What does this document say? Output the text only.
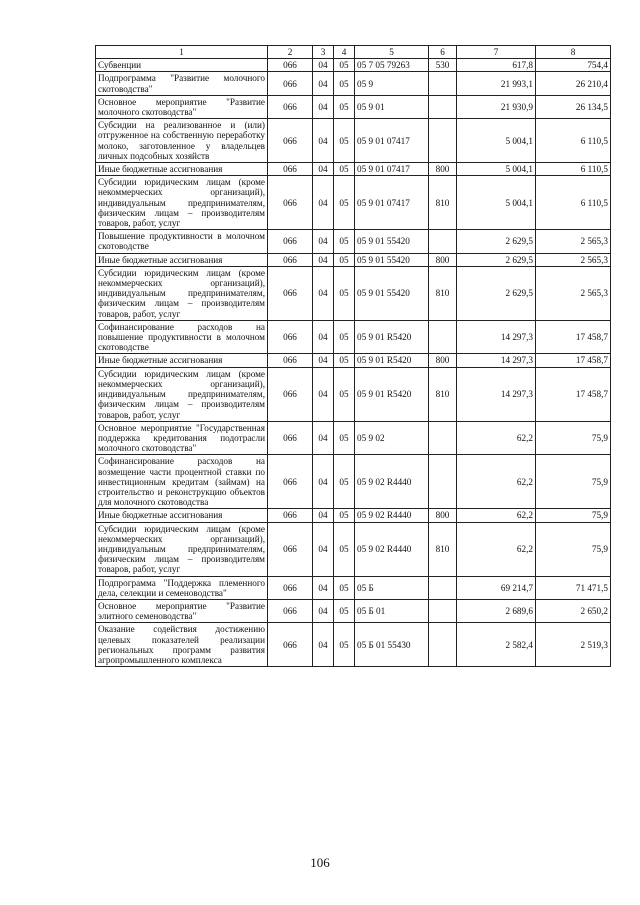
1	2	3	4	5	6	7	8
Субвенции	066	04	05	05 7 05 79263	530	617,8	754,4
Подпрограмма "Развитие молочного скотоводства"	066	04	05	05 9		21 993,1	26 210,4
Основное мероприятие "Развитие молочного скотоводства"	066	04	05	05 9 01		21 930,9	26 134,5
Субсидии на реализованное и (или) отгруженное на собственную переработку молоко, заготовленное у владельцев личных подсобных хозяйств	066	04	05	05 9 01 07417		5 004,1	6 110,5
Иные бюджетные ассигнования	066	04	05	05 9 01 07417	800	5 004,1	6 110,5
Субсидии юридическим лицам (кроме некоммерческих организаций), индивидуальным предпринимателям, физическим лицам – производителям товаров, работ, услуг	066	04	05	05 9 01 07417	810	5 004,1	6 110,5
Повышение продуктивности в молочном скотоводстве	066	04	05	05 9 01 55420		2 629,5	2 565,3
Иные бюджетные ассигнования	066	04	05	05 9 01 55420	800	2 629,5	2 565,3
Субсидии юридическим лицам (кроме некоммерческих организаций), индивидуальным предпринимателям, физическим лицам – производителям товаров, работ, услуг	066	04	05	05 9 01 55420	810	2 629,5	2 565,3
Софинансирование расходов на повышение продуктивности в молочном скотоводстве	066	04	05	05 9 01 R5420		14 297,3	17 458,7
Иные бюджетные ассигнования	066	04	05	05 9 01 R5420	800	14 297,3	17 458,7
Субсидии юридическим лицам (кроме некоммерческих организаций), индивидуальным предпринимателям, физическим лицам – производителям товаров, работ, услуг	066	04	05	05 9 01 R5420	810	14 297,3	17 458,7
Основное мероприятие "Государственная поддержка кредитования подотрасли молочного скотоводства"	066	04	05	05 9 02		62,2	75,9
Софинансирование расходов на возмещение части процентной ставки по инвестиционным кредитам (займам) на строительство и реконструкцию объектов для молочного скотоводства	066	04	05	05 9 02 R4440		62,2	75,9
Иные бюджетные ассигнования	066	04	05	05 9 02 R4440	800	62,2	75,9
Субсидии юридическим лицам (кроме некоммерческих организаций), индивидуальным предпринимателям, физическим лицам – производителям товаров, работ, услуг	066	04	05	05 9 02 R4440	810	62,2	75,9
Подпрограмма "Поддержка племенного дела, селекции и семеноводства"	066	04	05	05 Б		69 214,7	71 471,5
Основное мероприятие "Развитие элитного семеноводства"	066	04	05	05 Б 01		2 689,6	2 650,2
Оказание содействия достижению целевых показателей реализации региональных программ развития агропромышленного комплекса	066	04	05	05 Б 01 55430		2 582,4	2 519,3
106
